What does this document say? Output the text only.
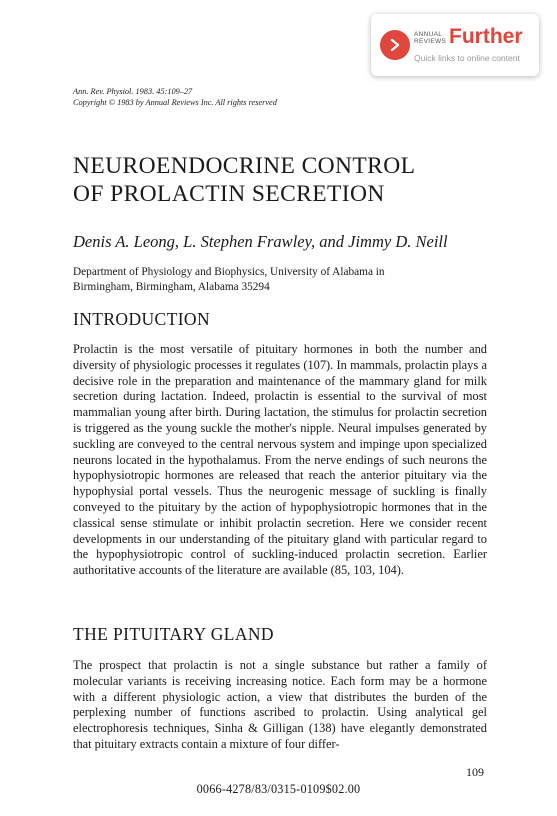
ANNUAL
REVIEWS Further
Quick links to online content
Ann. Rev. Physiol. 1983. 45:109–27
Copyright © 1983 by Annual Reviews Inc. All rights reserved
NEUROENDOCRINE CONTROL
OF PROLACTIN SECRETION
Denis A. Leong, L. Stephen Frawley, and Jimmy D. Neill
Department of Physiology and Biophysics, University of Alabama in
Birmingham, Birmingham, Alabama 35294
INTRODUCTION

Prolactin is the most versatile of pituitary hormones in both the number and diversity of physiologic processes it regulates (107). In mammals, prolactin plays a decisive role in the preparation and maintenance of the mammary gland for milk secretion during lactation. Indeed, prolactin is essential to the survival of most mammalian young after birth. During lactation, the stimulus for prolactin secretion is triggered as the young suckle the mother's nipple. Neural impulses generated by suckling are conveyed to the central nervous system and impinge upon specialized neurons located in the hypothalamus. From the nerve endings of such neurons the hypophysiotropic hormones are released that reach the anterior pituitary via the hypophysial portal vessels. Thus the neurogenic message of suckling is finally conveyed to the pituitary by the action of hypophysiotropic hormones that in the classical sense stimulate or inhibit prolactin secretion. Here we consider recent developments in our understanding of the pituitary gland with particular regard to the hypophysiotropic control of suckling-induced prolactin secretion. Earlier authoritative accounts of the literature are available (85, 103, 104).

THE PITUITARY GLAND

The prospect that prolactin is not a single substance but rather a family of molecular variants is receiving increasing notice. Each form may be a hormone with a different physiologic action, a view that distributes the burden of the perplexing number of functions ascribed to prolactin. Using analytical gel electrophoresis techniques, Sinha & Gilligan (138) have elegantly demonstrated that pituitary extracts contain a mixture of four differ-

109
0066-4278/83/0315-0109$02.00
